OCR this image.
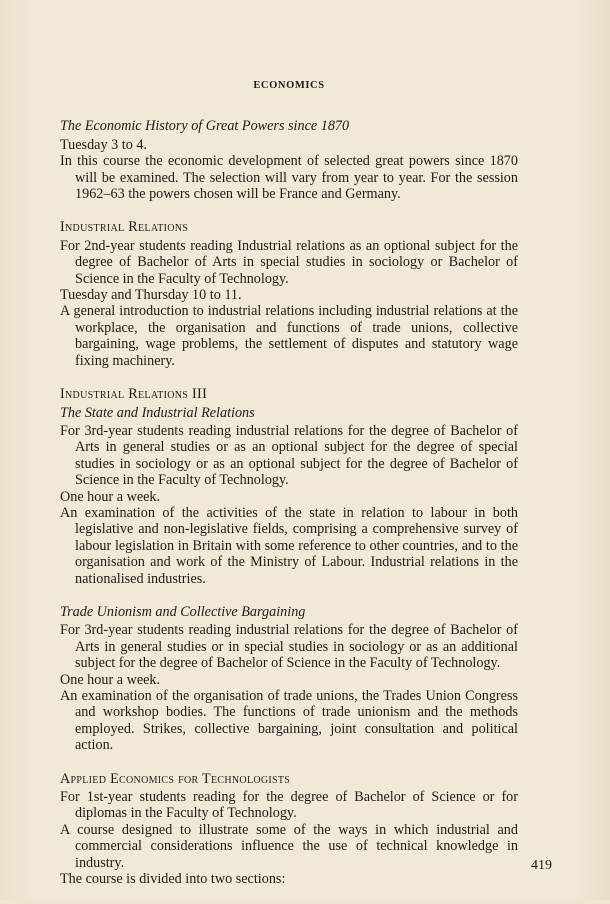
ECONOMICS
The Economic History of Great Powers since 1870

Tuesday 3 to 4.

In this course the economic development of selected great powers since 1870 will be examined. The selection will vary from year to year. For the session 1962–63 the powers chosen will be France and Germany.

Industrial Relations

For 2nd-year students reading Industrial relations as an optional subject for the degree of Bachelor of Arts in special studies in sociology or Bachelor of Science in the Faculty of Technology.

Tuesday and Thursday 10 to 11.

A general introduction to industrial relations including industrial relations at the workplace, the organisation and functions of trade unions, collective bargaining, wage problems, the settlement of disputes and statutory wage fixing machinery.

Industrial Relations III
The State and Industrial Relations

For 3rd-year students reading industrial relations for the degree of Bachelor of Arts in general studies or as an optional subject for the degree of special studies in sociology or as an optional subject for the degree of Bachelor of Science in the Faculty of Technology.

One hour a week.

An examination of the activities of the state in relation to labour in both legislative and non-legislative fields, comprising a comprehensive survey of labour legislation in Britain with some reference to other countries, and to the organisation and work of the Ministry of Labour. Industrial relations in the nationalised industries.

Trade Unionism and Collective Bargaining

For 3rd-year students reading industrial relations for the degree of Bachelor of Arts in general studies or in special studies in sociology or as an additional subject for the degree of Bachelor of Science in the Faculty of Technology.

One hour a week.

An examination of the organisation of trade unions, the Trades Union Congress and workshop bodies. The functions of trade unionism and the methods employed. Strikes, collective bargaining, joint consultation and political action.

Applied Economics for Technologists

For 1st-year students reading for the degree of Bachelor of Science or for diplomas in the Faculty of Technology.

A course designed to illustrate some of the ways in which industrial and commercial considerations influence the use of technical knowledge in industry.

The course is divided into two sections:

419
